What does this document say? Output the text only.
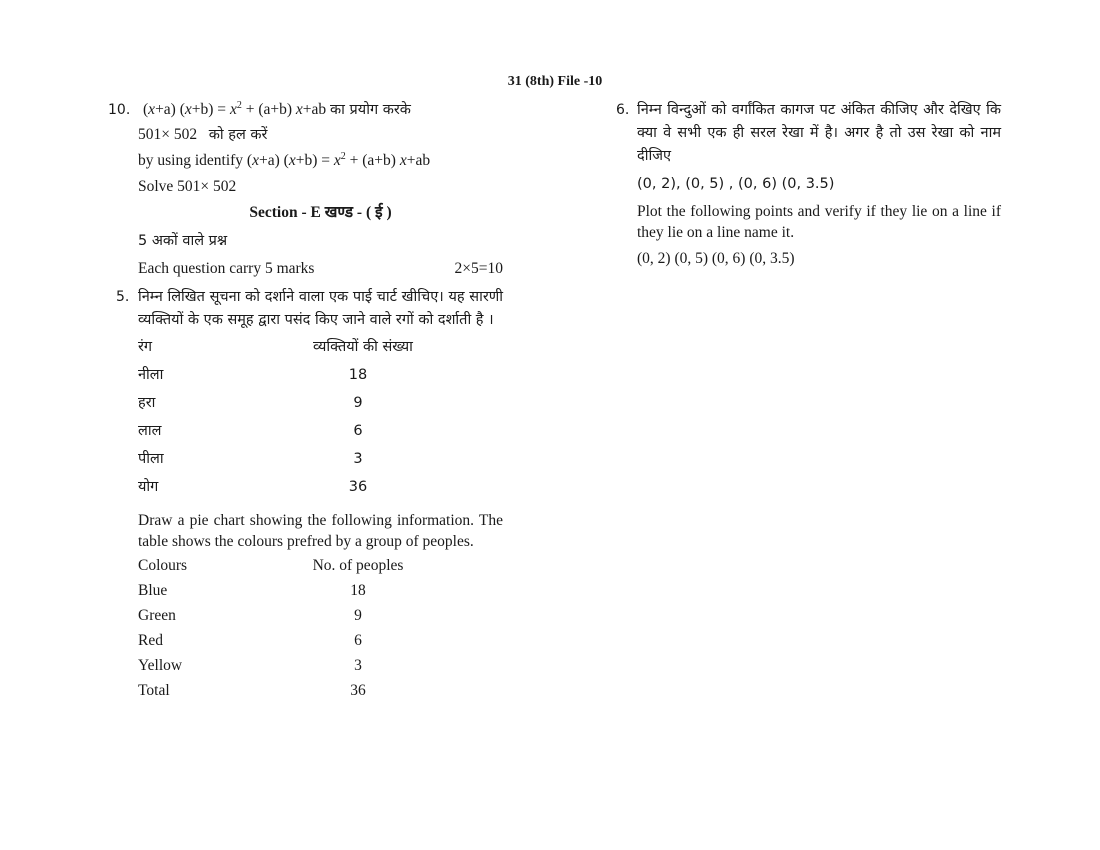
31 (8th) File -10
10. (x+a) $(x+b) = x^2 + (a+b)$ x+ab का प्रयोग करके
501× 502 को हल करें
by using identify (x+a) $(x+b) = x^2 + (a+b)$ x+ab
Solve 501× 502
Section - E खण्ड - ( ई )
5 अकों वाले प्रश्न
Each question carry 5 marks	2×5=10
5. निम्न लिखित सूचना को दर्शाने वाला एक पाई चार्ट खीचिए। यह सारणी व्यक्तियों के एक समूह द्वारा पसंद किए जाने वाले रगों को दर्शाती है ।
रंग	व्यक्तियों की संख्या
नीला	18
हरा	9
लाल	6
पीला	3
योग	36
Draw a pie chart showing the following information. The table shows the colours prefred by a group of peoples.
Colours	No. of peoples
Blue	18
Green	9
Red	6
Yellow	3
Total	36
6. निम्न विन्दुओं को वर्गांकित कागज पट अंकित कीजिए और देखिए कि क्या वे सभी एक ही सरल रेखा में है। अगर है तो उस रेखा को नाम दीजिए
(0, 2), (0, 5) , (0, 6) (0, 3.5)
Plot the following points and verify if they lie on a line if they lie on a line name it.
(0, 2) (0, 5) (0, 6) (0, 3.5)
